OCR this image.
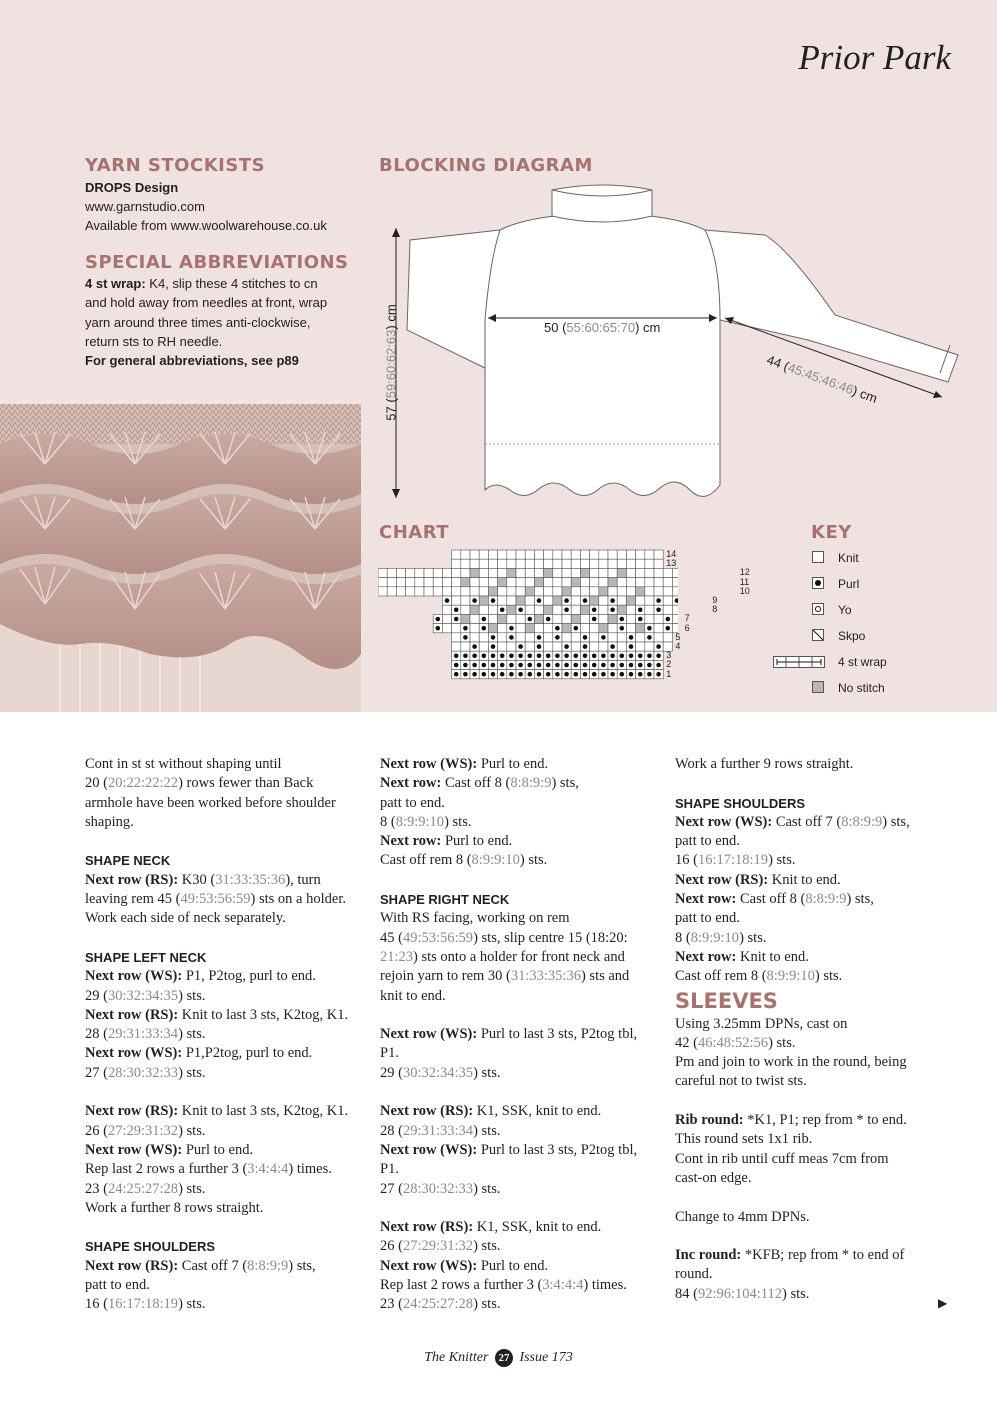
Prior Park
YARN STOCKISTS
DROPS Design
www.garnstudio.com
Available from www.woolwarehouse.co.uk
SPECIAL ABBREVIATIONS
4 st wrap: K4, slip these 4 stitches to cn
and hold away from needles at front, wrap
yarn around three times anti-clockwise,
return sts to RH needle.
For general abbreviations, see p89
BLOCKING DIAGRAM
50 (55:60:65:70) cm
57 (59:60:62:63) cm
44 (45:45:46:46) cm
CHART
14
13
12
11
10
9
8
7
6
5
4
3
2
1
KEY
Knit
Purl
Yo
Skpo
4 st wrap
No stitch

Cont in st st without shaping until

20 (20:22:22:22) rows fewer than Back

armhole have been worked before shoulder

shaping.

SHAPE NECK

Next row (RS): K30 (31:33:35:36), turn

leaving rem 45 (49:53:56:59) sts on a holder.

Work each side of neck separately.

SHAPE LEFT NECK

Next row (WS): P1, P2tog, purl to end.

29 (30:32:34:35) sts.

Next row (RS): Knit to last 3 sts, K2tog, K1.

28 (29:31:33:34) sts.

Next row (WS): P1,P2tog, purl to end.

27 (28:30:32:33) sts.

Next row (RS): Knit to last 3 sts, K2tog, K1.

26 (27:29:31:32) sts.

Next row (WS): Purl to end.

Rep last 2 rows a further 3 (3:4:4:4) times.

23 (24:25:27:28) sts.

Work a further 8 rows straight.

SHAPE SHOULDERS

Next row (RS): Cast off 7 (8:8:9:9) sts,

patt to end.

16 (16:17:18:19) sts.

Next row (WS): Purl to end.

Next row: Cast off 8 (8:8:9:9) sts,

patt to end.

8 (8:9:9:10) sts.

Next row: Purl to end.

Cast off rem 8 (8:9:9:10) sts.

SHAPE RIGHT NECK

With RS facing, working on rem

45 (49:53:56:59) sts, slip centre 15 (18:20:

21:23) sts onto a holder for front neck and

rejoin yarn to rem 30 (31:33:35:36) sts and

knit to end.

Next row (WS): Purl to last 3 sts, P2tog tbl,

P1.

29 (30:32:34:35) sts.

Next row (RS): K1, SSK, knit to end.

28 (29:31:33:34) sts.

Next row (WS): Purl to last 3 sts, P2tog tbl,

P1.

27 (28:30:32:33) sts.

Next row (RS): K1, SSK, knit to end.

26 (27:29:31:32) sts.

Next row (WS): Purl to end.

Rep last 2 rows a further 3 (3:4:4:4) times.

23 (24:25:27:28) sts.

Work a further 9 rows straight.

SHAPE SHOULDERS

Next row (WS): Cast off 7 (8:8:9:9) sts,

patt to end.

16 (16:17:18:19) sts.

Next row (RS): Knit to end.

Next row: Cast off 8 (8:8:9:9) sts,

patt to end.

8 (8:9:9:10) sts.

Next row: Knit to end.

Cast off rem 8 (8:9:9:10) sts.

SLEEVES

Using 3.25mm DPNs, cast on

42 (46:48:52:56) sts.

Pm and join to work in the round, being

careful not to twist sts.

Rib round: *K1, P1; rep from * to end.

This round sets 1x1 rib.

Cont in rib until cuff meas 7cm from

cast-on edge.

Change to 4mm DPNs.

Inc round: *KFB; rep from * to end of

round.

84 (92:96:104:112) sts.

▶
The Knitter 27 Issue 173
